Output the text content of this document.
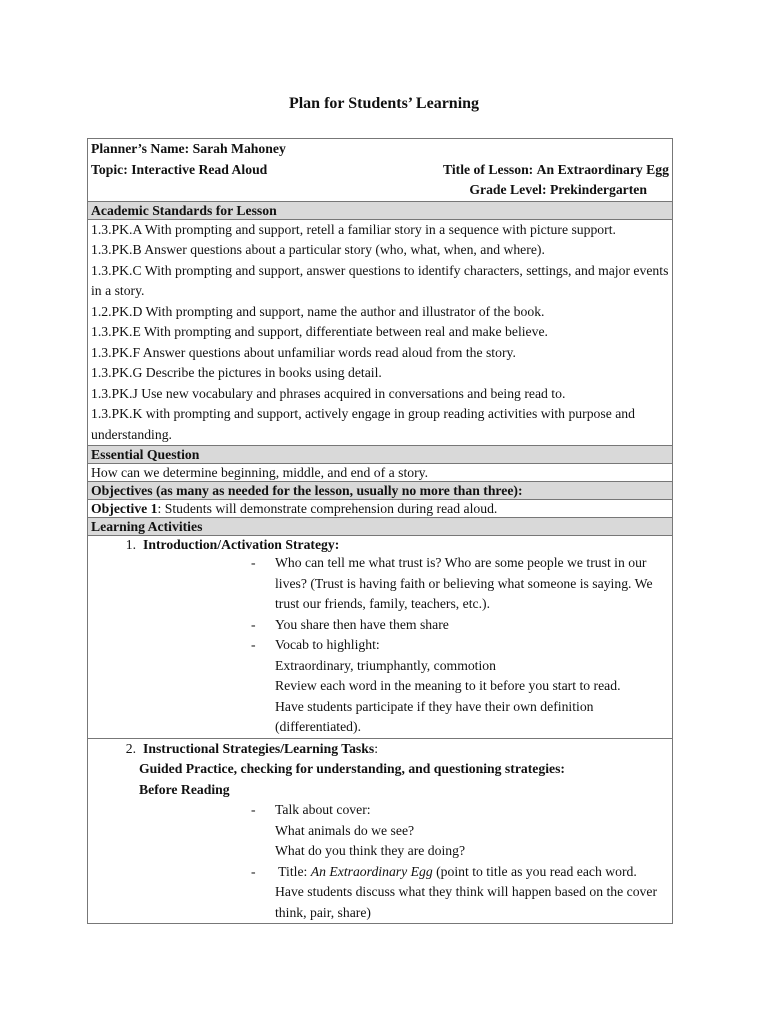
Plan for Students’ Learning
Planner’s Name: Sarah Mahoney
Topic: Interactive Read Aloud	Title of Lesson: An Extraordinary Egg
Grade Level: Prekindergarten
Academic Standards for Lesson
1.3.PK.A With prompting and support, retell a familiar story in a sequence with picture support.
1.3.PK.B Answer questions about a particular story (who, what, when, and where).
1.3.PK.C With prompting and support, answer questions to identify characters, settings, and major events in a story.
1.2.PK.D With prompting and support, name the author and illustrator of the book.
1.3.PK.E With prompting and support, differentiate between real and make believe.
1.3.PK.F Answer questions about unfamiliar words read aloud from the story.
1.3.PK.G Describe the pictures in books using detail.
1.3.PK.J Use new vocabulary and phrases acquired in conversations and being read to.
1.3.PK.K with prompting and support, actively engage in group reading activities with purpose and understanding.
Essential Question
How can we determine beginning, middle, and end of a story.
Objectives (as many as needed for the lesson, usually no more than three):
Objective 1: Students will demonstrate comprehension during read aloud.
Learning Activities
1. Introduction/Activation Strategy:
-	Who can tell me what trust is? Who are some people we trust in our lives? (Trust is having faith or believing what someone is saying. We trust our friends, family, teachers, etc.).
-	You share then have them share
-	Vocab to highlight:
Extraordinary, triumphantly, commotion
Review each word in the meaning to it before you start to read.
Have students participate if they have their own definition (differentiated).
2. Instructional Strategies/Learning Tasks:
Guided Practice, checking for understanding, and questioning strategies:
Before Reading
-	Talk about cover:
What animals do we see?
What do you think they are doing?
-	Title: An Extraordinary Egg (point to title as you read each word. Have students discuss what they think will happen based on the cover think, pair, share)
